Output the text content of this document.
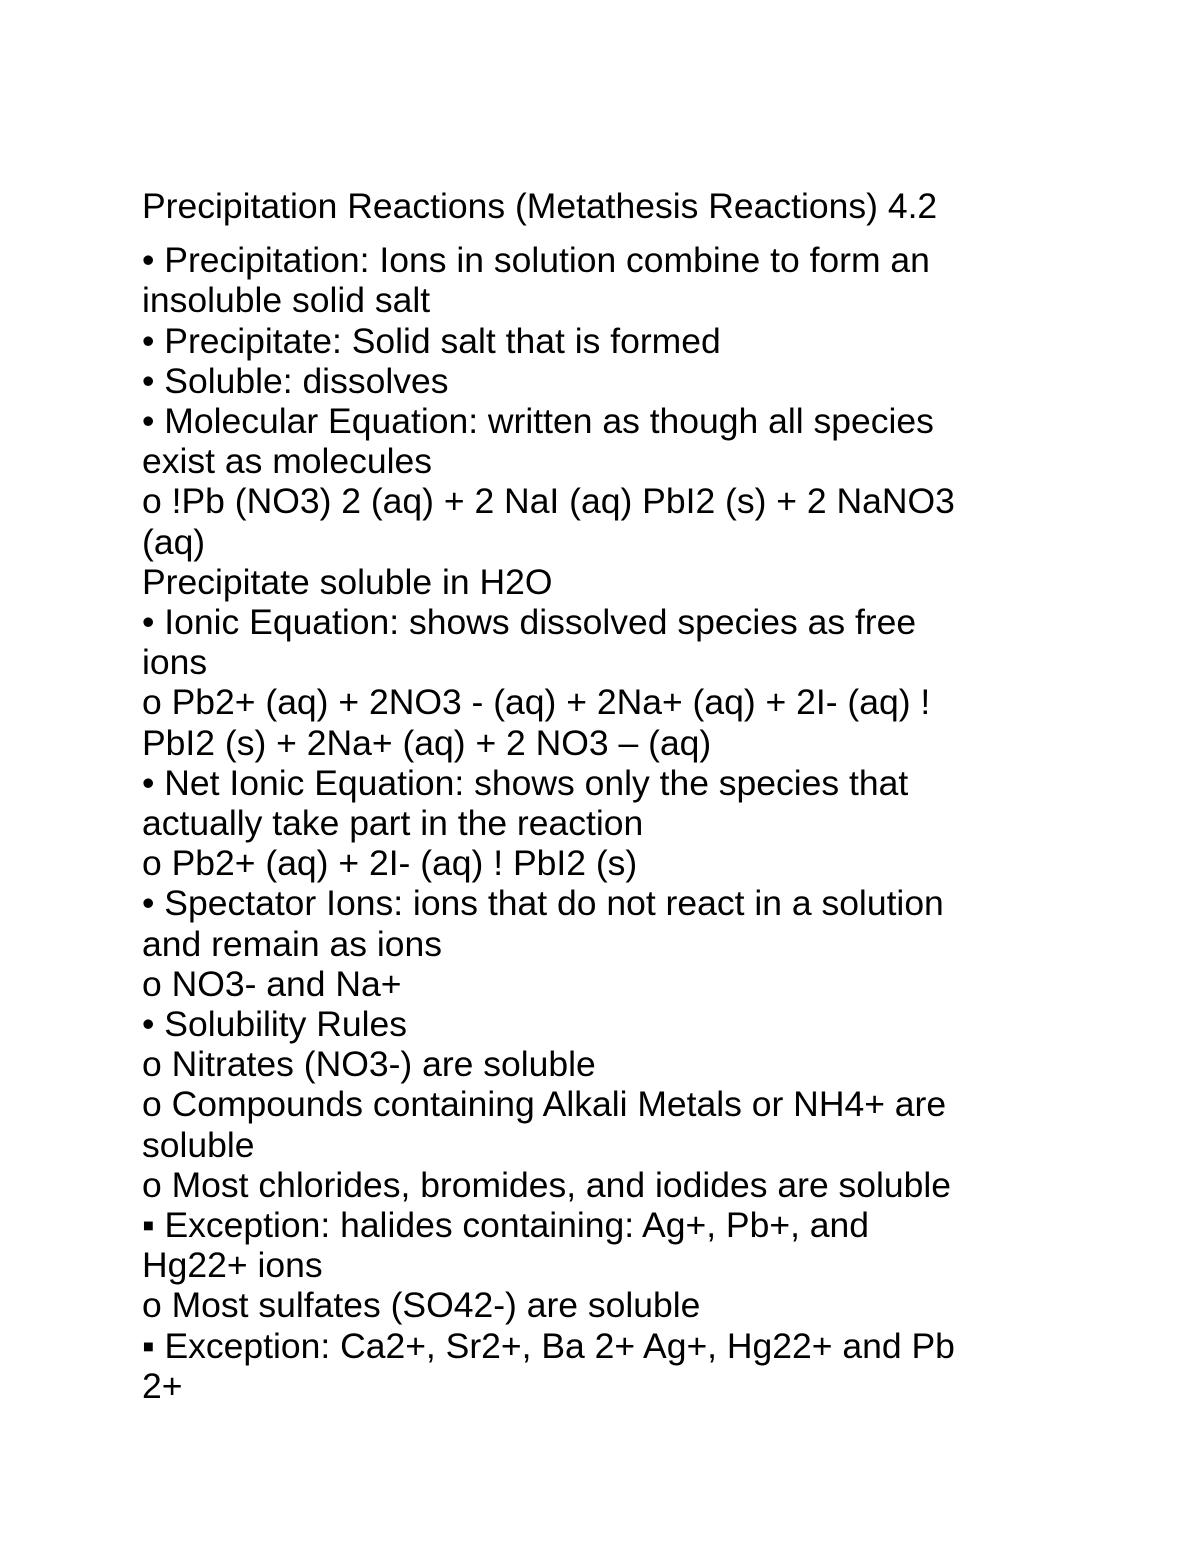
Precipitation Reactions (Metathesis Reactions) 4.2
• Precipitation: Ions in solution combine to form an
insoluble solid salt
• Precipitate: Solid salt that is formed
• Soluble: dissolves
• Molecular Equation: written as though all species
exist as molecules
o !Pb (NO3) 2 (aq) + 2 NaI (aq) PbI2 (s) + 2 NaNO3
(aq)
Precipitate soluble in H2O
• Ionic Equation: shows dissolved species as free
ions
o Pb2+ (aq) + 2NO3 - (aq) + 2Na+ (aq) + 2I- (aq) !
PbI2 (s) + 2Na+ (aq) + 2 NO3 – (aq)
• Net Ionic Equation: shows only the species that
actually take part in the reaction
o Pb2+ (aq) + 2I- (aq) ! PbI2 (s)
• Spectator Ions: ions that do not react in a solution
and remain as ions
o NO3- and Na+
• Solubility Rules
o Nitrates (NO3-) are soluble
o Compounds containing Alkali Metals or NH4+ are
soluble
o Most chlorides, bromides, and iodides are soluble
▪ Exception: halides containing: Ag+, Pb+, and
Hg22+ ions
o Most sulfates (SO42-) are soluble
▪ Exception: Ca2+, Sr2+, Ba 2+ Ag+, Hg22+ and Pb
2+
